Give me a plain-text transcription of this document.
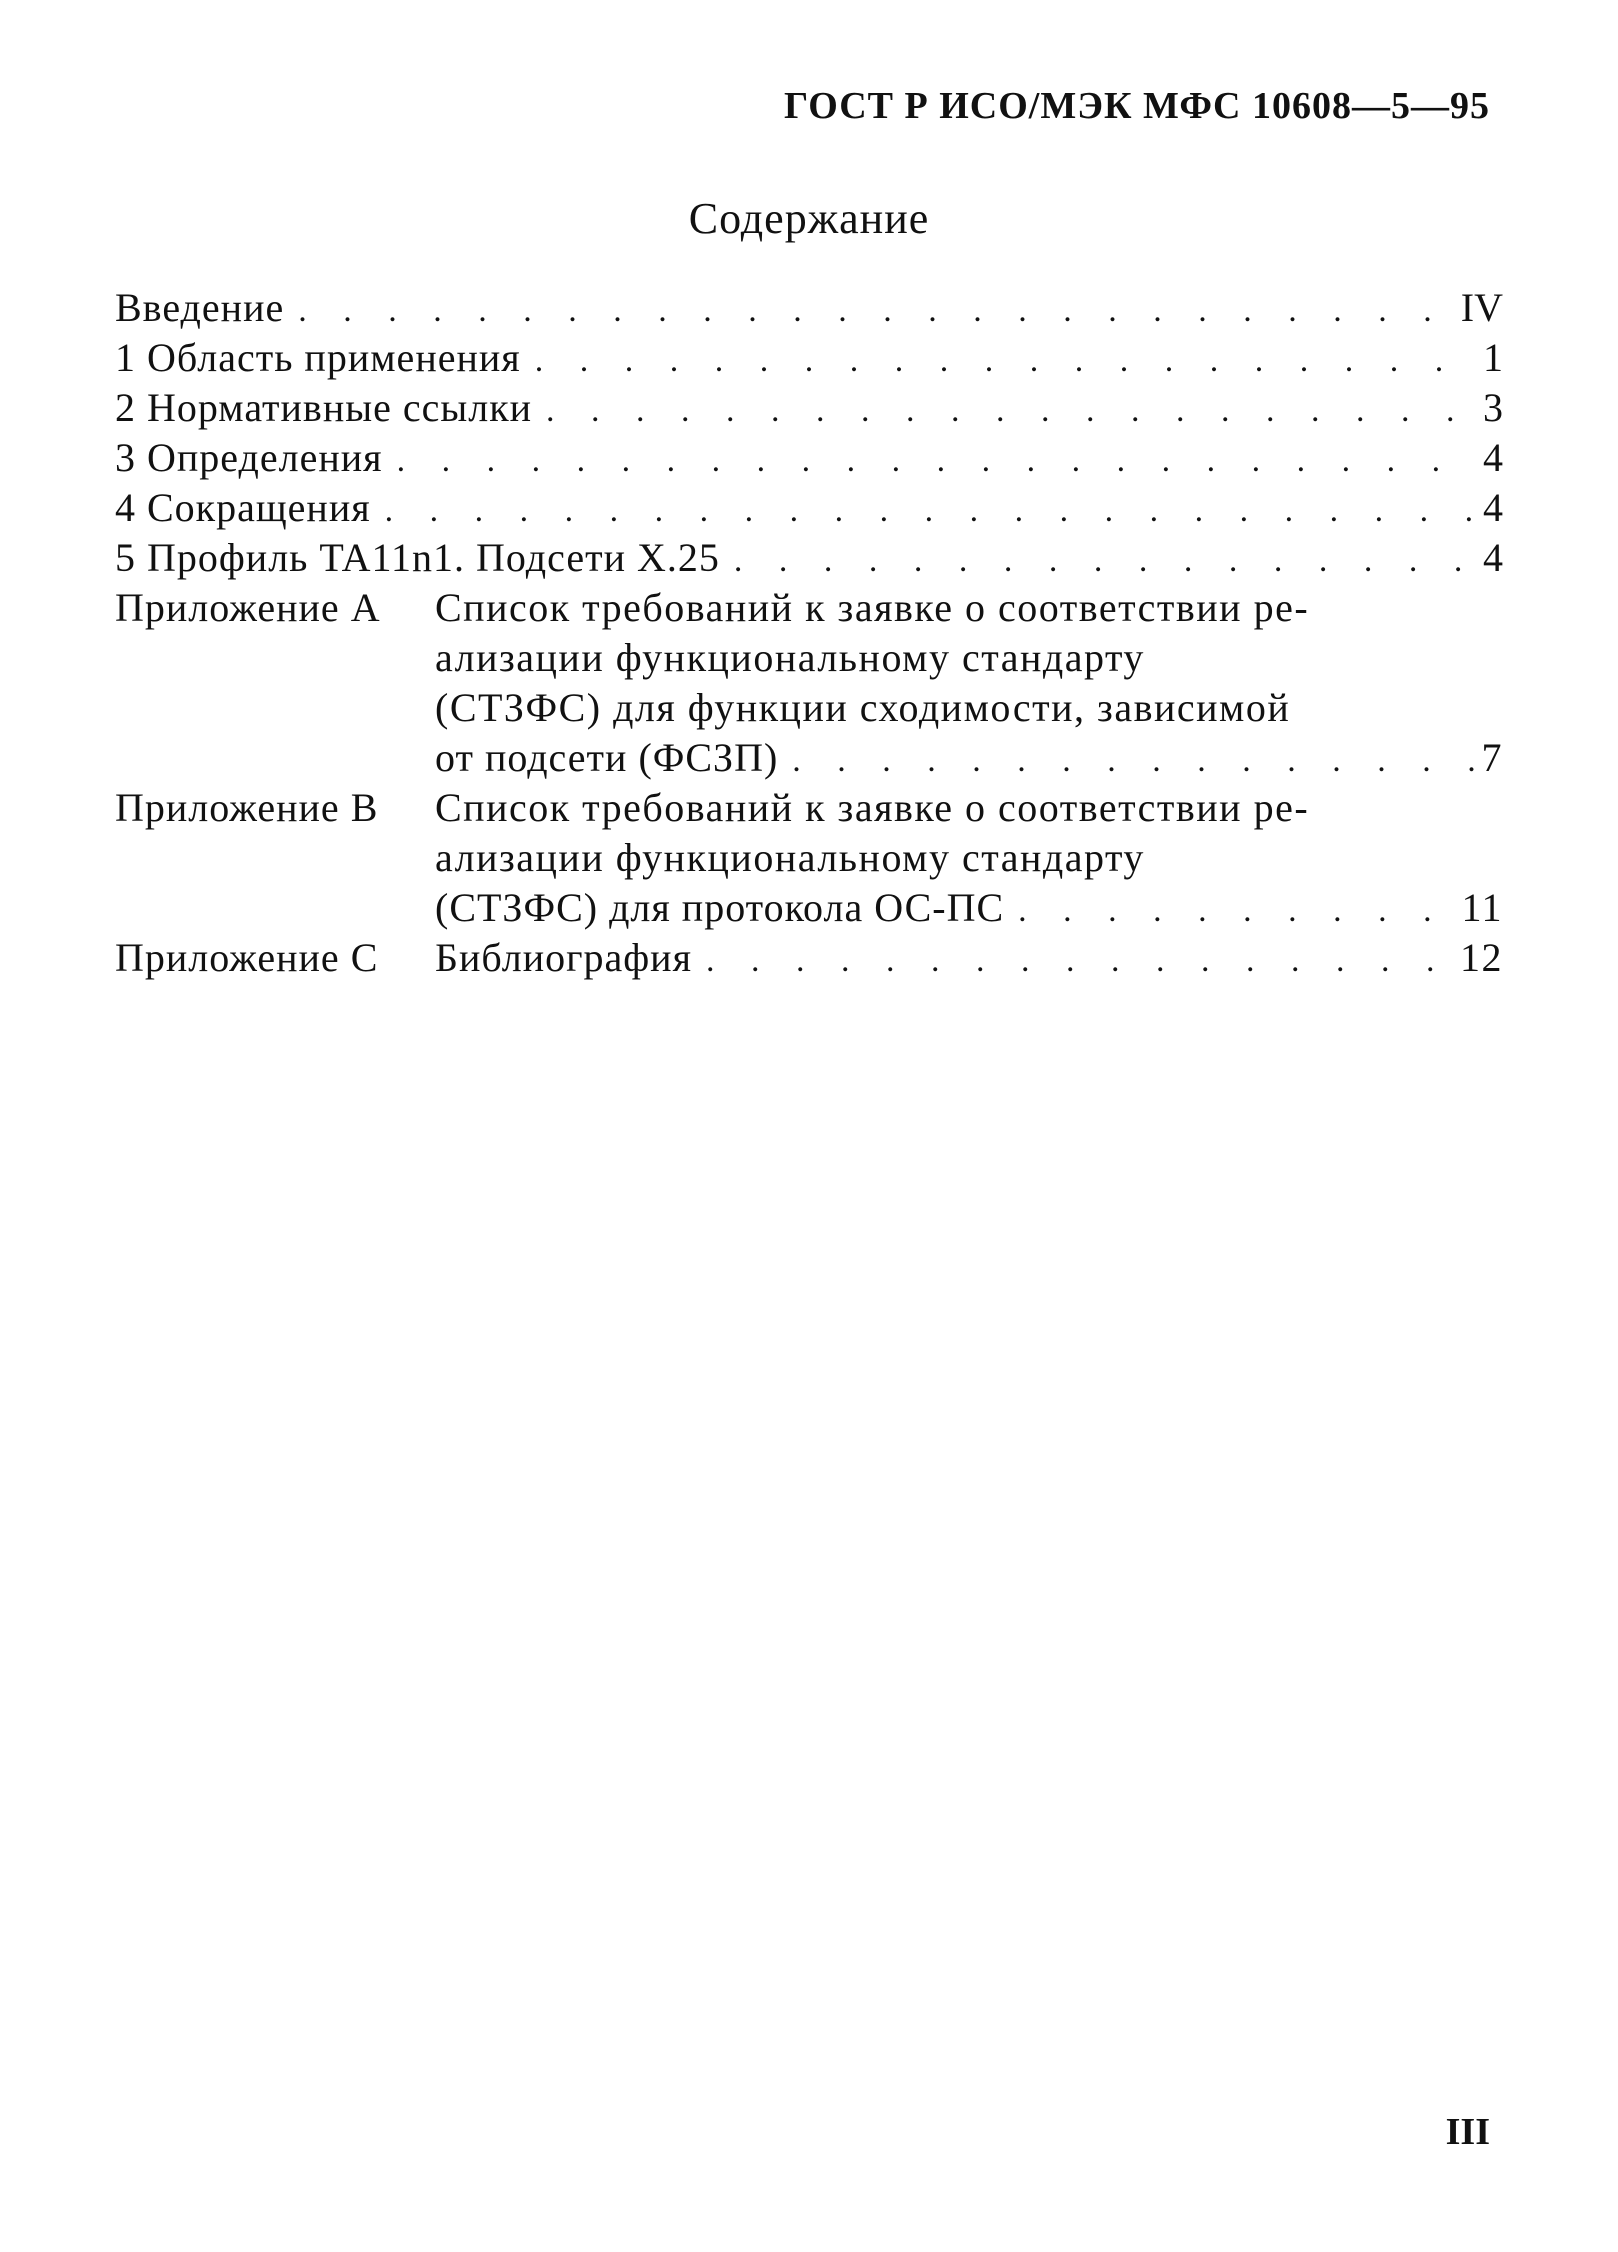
ГОСТ Р ИСО/МЭК МФС 10608—5—95
Содержание
Введение . . .	IV
1 Область применения . . .	1
2 Нормативные ссылки . . .	3
3 Определения . . .	4
4 Сокращения . . .	4
5 Профиль TA11n1. Подсети X.25 . . .	4
Приложение А Список требований к заявке о соответствии ре-
ализации функциональному стандарту
(СТЗФС) для функции сходимости, зависимой
от подсети (ФСЗП) . . .	7
Приложение В Список требований к заявке о соответствии ре-
ализации функциональному стандарту
(СТЗФС) для протокола ОС-ПС . . .	11
Приложение С Библиография . . .	12
III
